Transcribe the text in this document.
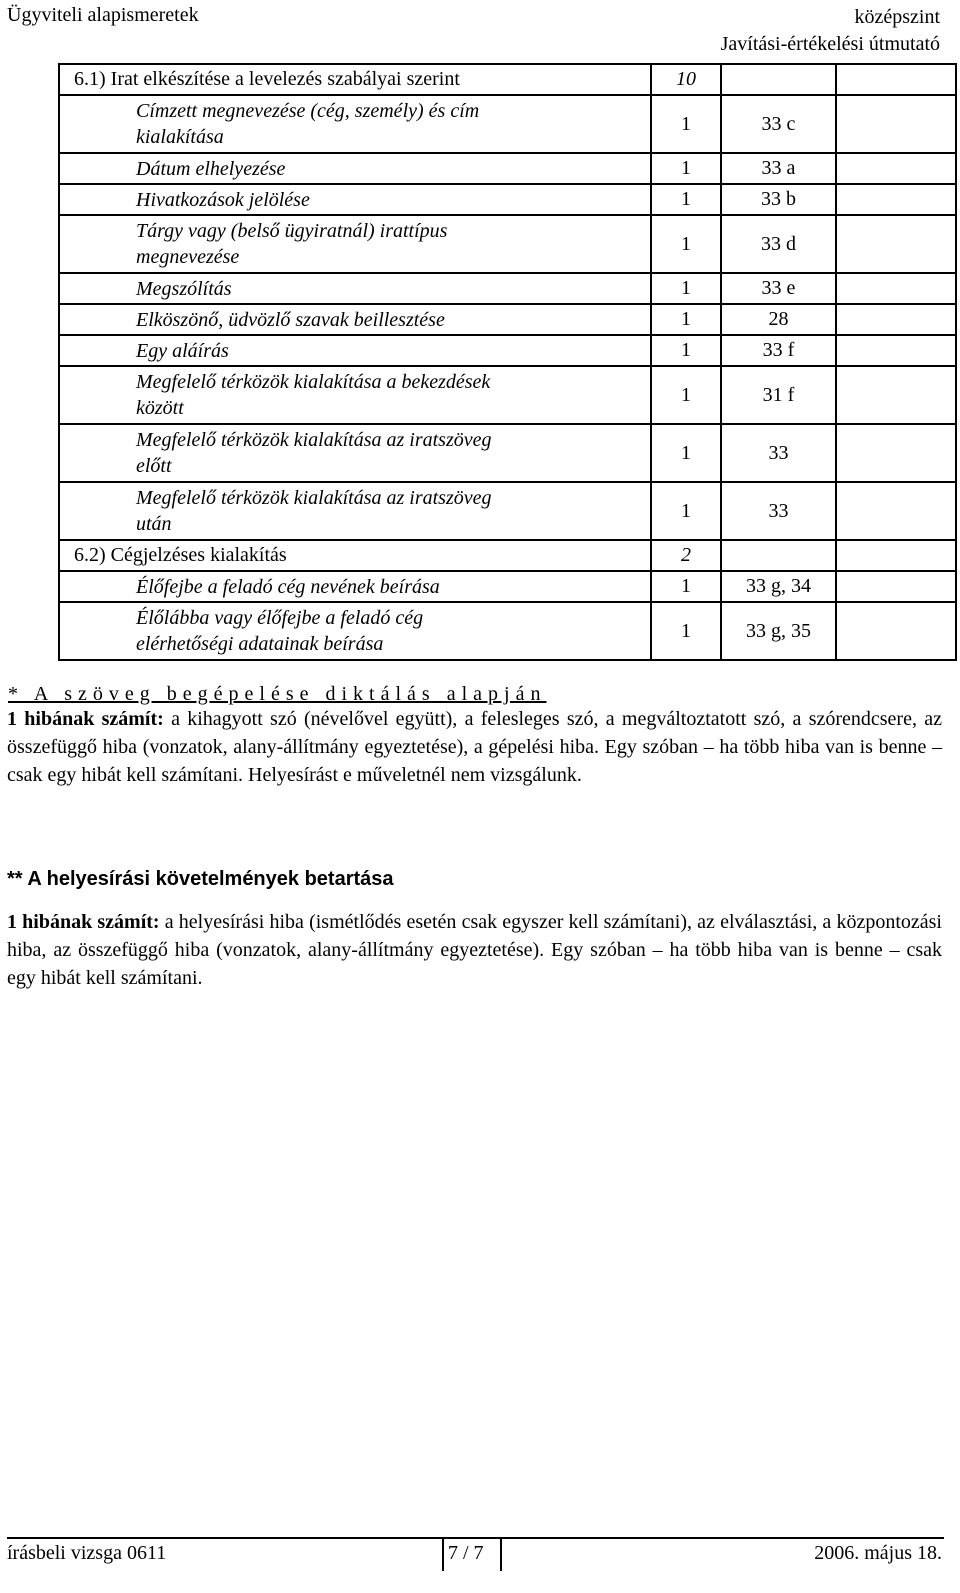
Ügyviteli alapismeretek	középszint
Javítási-értékelési útmutató
6.1) Irat elkészítése a levelezés szabályai szerint	10		
Címzett megnevezése (cég, személy) és cím
kialakítása	1	33 c	
Dátum elhelyezése	1	33 a	
Hivatkozások jelölése	1	33 b	
Tárgy vagy (belső ügyiratnál) irattípus
megnevezése	1	33 d	
Megszólítás	1	33 e	
Elköszönő, üdvözlő szavak beillesztése	1	28	
Egy aláírás	1	33 f	
Megfelelő térközök kialakítása a bekezdések
között	1	31 f	
Megfelelő térközök kialakítása az iratszöveg
előtt	1	33	
Megfelelő térközök kialakítása az iratszöveg
után	1	33	
6.2) Cégjelzéses kialakítás	2		
Élőfejbe a feladó cég nevének beírása	1	33 g, 34	
Élőlábba vagy élőfejbe a feladó cég
elérhetőségi adatainak beírása	1	33 g, 35	
* A szöveg begépelése diktálás alapján
1 hibának számít: a kihagyott szó (névelővel együtt), a felesleges szó, a megváltoztatott szó, a szórendcsere, az összefüggő hiba (vonzatok, alany-állítmány egyeztetése), a gépelési hiba. Egy szóban – ha több hiba van is benne – csak egy hibát kell számítani. Helyesírást e műveletnél nem vizsgálunk.
** A helyesírási követelmények betartása
1 hibának számít: a helyesírási hiba (ismétlődés esetén csak egyszer kell számítani), az elválasztási, a központozási hiba, az összefüggő hiba (vonzatok, alany-állítmány egyeztetése). Egy szóban – ha több hiba van is benne – csak egy hibát kell számítani.
írásbeli vizsga 0611	7 / 7	2006. május 18.
